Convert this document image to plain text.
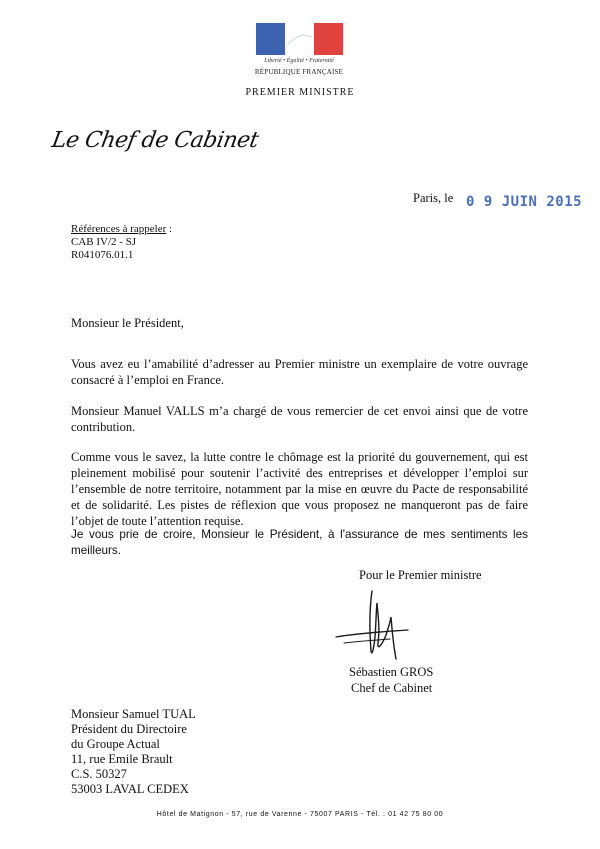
Liberté • Égalité • Fraternité
RÉPUBLIQUE FRANÇAISE
PREMIER MINISTRE
Le Chef de Cabinet
Paris, le 0 9 JUIN 2015
Références à rappeler :
CAB IV/2 - SJ
R041076.01.1
Monsieur le Président,
Vous avez eu l’amabilité d’adresser au Premier ministre un exemplaire de votre ouvrage consacré à l’emploi en France.
Monsieur Manuel VALLS m’a chargé de vous remercier de cet envoi ainsi que de votre contribution.
Comme vous le savez, la lutte contre le chômage est la priorité du gouvernement, qui est pleinement mobilisé pour soutenir l’activité des entreprises et développer l’emploi sur l’ensemble de notre territoire, notamment par la mise en œuvre du Pacte de responsabilité et de solidarité. Les pistes de réflexion que vous proposez ne manqueront pas de faire l’objet de toute l’attention requise.
Je vous prie de croire, Monsieur le Président, à l'assurance de mes sentiments les meilleurs.
Pour le Premier ministre
Sébastien GROS
Chef de Cabinet
Monsieur Samuel TUAL
Président du Directoire
du Groupe Actual
11, rue Emile Brault
C.S. 50327
53003 LAVAL CEDEX
Hôtel de Matignon - 57, rue de Varenne - 75007 PARIS - Tél. : 01 42 75 80 00
